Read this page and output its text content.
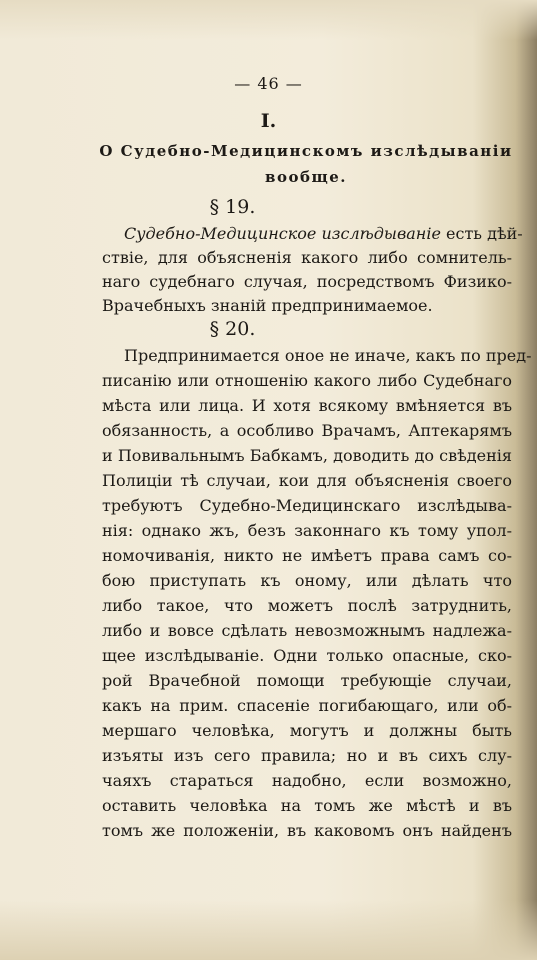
— 46 —
I.
О Судебно-Медицинскомъ изслѣдываніи
вообще.
§ 19.
Судебно-Медицинское изслѣдываніе есть дѣй-
ствіе, для объясненія какого либо сомнитель-
наго судебнаго случая, посредствомъ Физико-
Врачебныхъ знаній предпринимаемое.
§ 20.
Предпринимается оное не иначе, какъ по пред-
писанію или отношенію какого либо Судебнаго
мѣста или лица. И хотя всякому вмѣняется въ
обязанность, а особливо Врачамъ, Аптекарямъ
и Повивальнымъ Бабкамъ, доводить до свѣденія
Полиціи тѣ случаи, кои для объясненія своего
требуютъ Судебно-Медицинскаго изслѣдыва-
нія: однако жъ, безъ законнаго къ тому упол-
номочиванія, никто не имѣетъ права самъ со-
бою приступать къ оному, или дѣлать что
либо такое, что можетъ послѣ затруднить,
либо и вовсе сдѣлать невозможнымъ надлежа-
щее изслѣдываніе. Одни только опасные, ско-
рой Врачебной помощи требующіе случаи,
какъ на прим. спасеніе погибающаго, или об-
мершаго человѣка, могутъ и должны быть
изъяты изъ сего правила; но и въ сихъ слу-
чаяхъ стараться надобно, если возможно,
оставить человѣка на томъ же мѣстѣ и въ
томъ же положеніи, въ каковомъ онъ найденъ
